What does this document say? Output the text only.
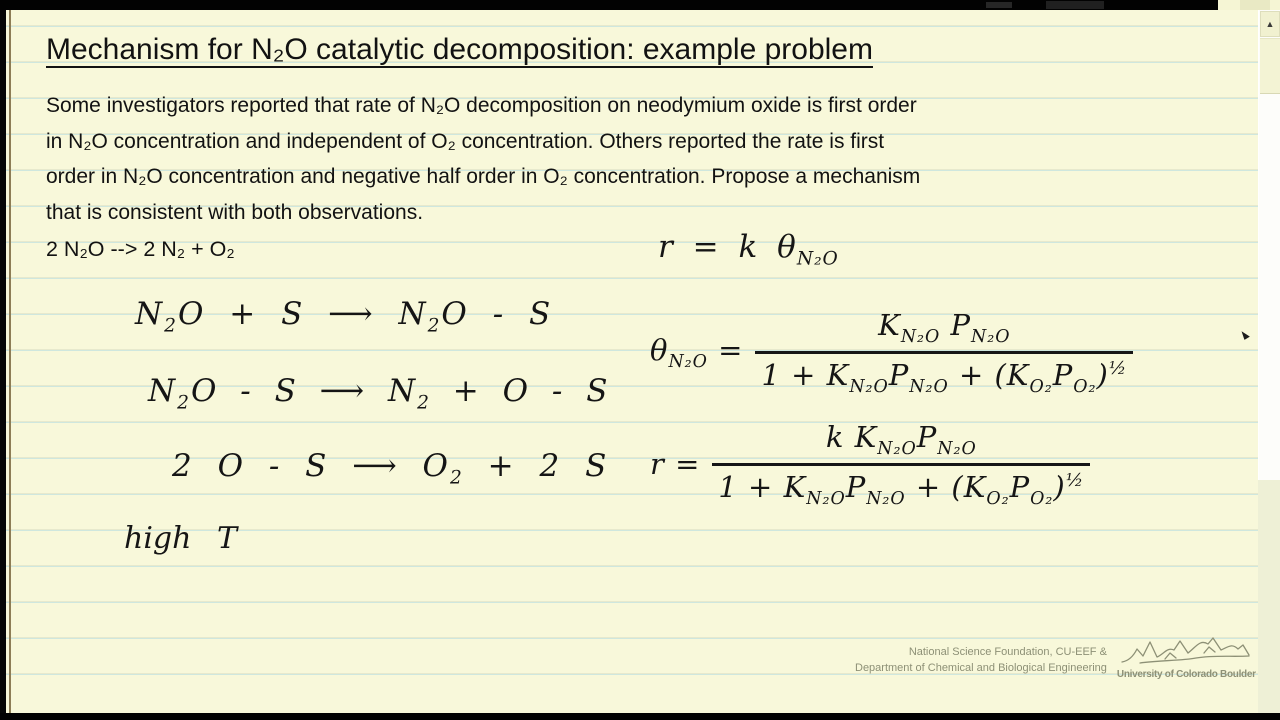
▲
Mechanism for N₂O catalytic decomposition: example problem
Some investigators reported that rate of N₂O decomposition on neodymium oxide is first order
in N₂O concentration and independent of O₂ concentration. Others reported the rate is first
order in N₂O concentration and negative half order in O₂ concentration. Propose a mechanism
that is consistent with both observations.
2 N₂O --> 2 N₂ + O₂
$N_2O + S$ ⟶ $N_2O$ - S
$N_2O$ - S ⟶ $N_2 + O - S$
2 O - S ⟶ $O_2 + 2$ S
high T
r = k $\theta_{N_2O}$
$\theta_{N_2O} = \frac{K_{N_2O} P_{N_2O}}{1 + K_{N_2O}P_{N_2O} + (K_{O_2}P_{O_2})^{\frac{1}{2}}}$
$r = \frac{k K_{N_2O}P_{N_2O}}{1 + K_{N_2O}P_{N_2O} + (K_{O_2}P_{O_2})^{\frac{1}{2}}}$
National Science Foundation, CU-EEF &
Department of Chemical and Biological Engineering
University of Colorado Boulder
